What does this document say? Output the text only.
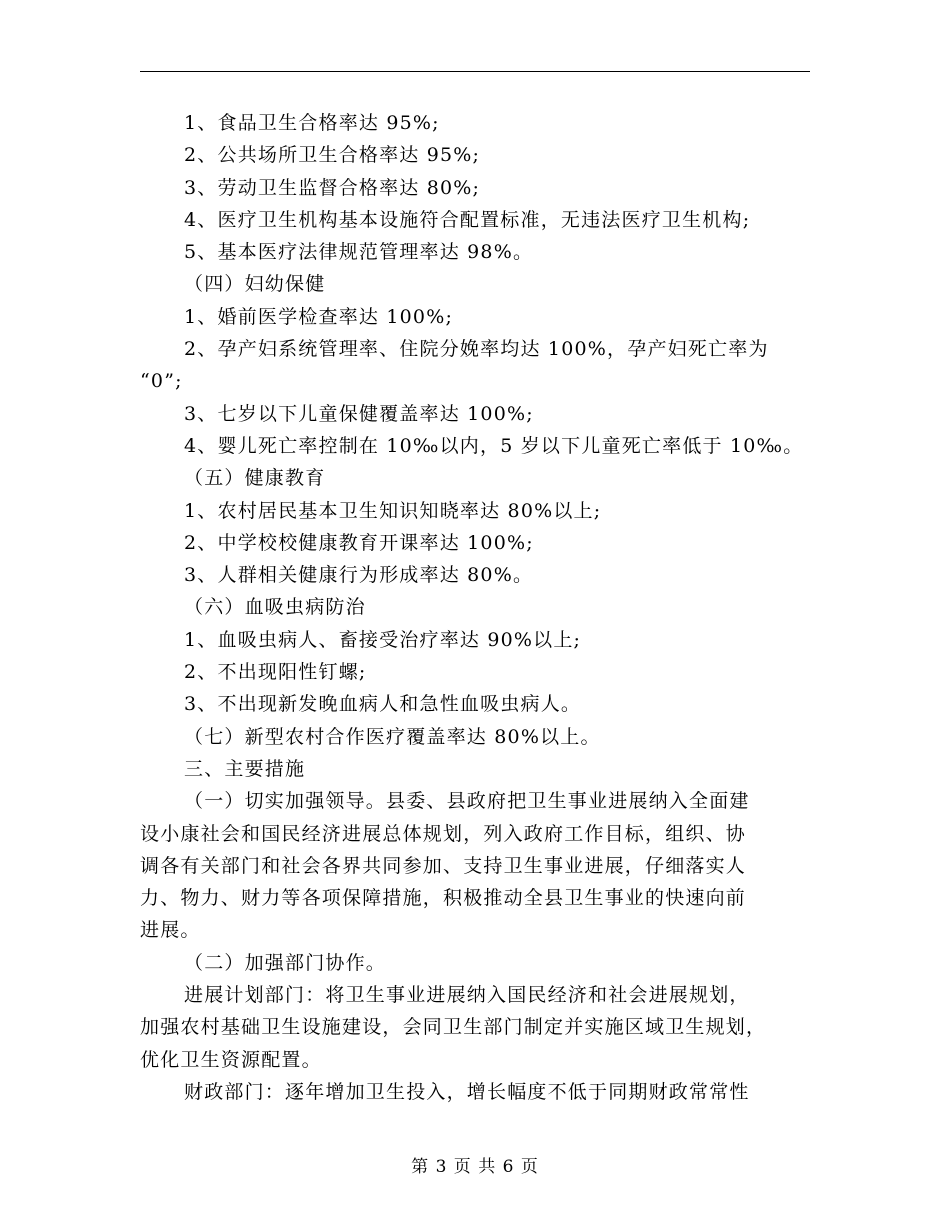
1、食品卫生合格率达 95%;
2、公共场所卫生合格率达 95%;
3、劳动卫生监督合格率达 80%;
4、医疗卫生机构基本设施符合配置标准，无违法医疗卫生机构;
5、基本医疗法律规范管理率达 98%。
（四）妇幼保健
1、婚前医学检查率达 100%;
2、孕产妇系统管理率、住院分娩率均达 100%，孕产妇死亡率为
“0”;
3、七岁以下儿童保健覆盖率达 100%;
4、婴儿死亡率控制在 10‰以内，5 岁以下儿童死亡率低于 10‰。
（五）健康教育
1、农村居民基本卫生知识知晓率达 80%以上;
2、中学校校健康教育开课率达 100%;
3、人群相关健康行为形成率达 80%。
（六）血吸虫病防治
1、血吸虫病人、畜接受治疗率达 90%以上;
2、不出现阳性钉螺;
3、不出现新发晚血病人和急性血吸虫病人。
（七）新型农村合作医疗覆盖率达 80%以上。
三、主要措施
（一）切实加强领导。县委、县政府把卫生事业进展纳入全面建
设小康社会和国民经济进展总体规划，列入政府工作目标，组织、协
调各有关部门和社会各界共同参加、支持卫生事业进展，仔细落实人
力、物力、财力等各项保障措施，积极推动全县卫生事业的快速向前
进展。
（二）加强部门协作。
进展计划部门：将卫生事业进展纳入国民经济和社会进展规划，
加强农村基础卫生设施建设，会同卫生部门制定并实施区域卫生规划，
优化卫生资源配置。
财政部门：逐年增加卫生投入，增长幅度不低于同期财政常常性
第 3 页 共 6 页
